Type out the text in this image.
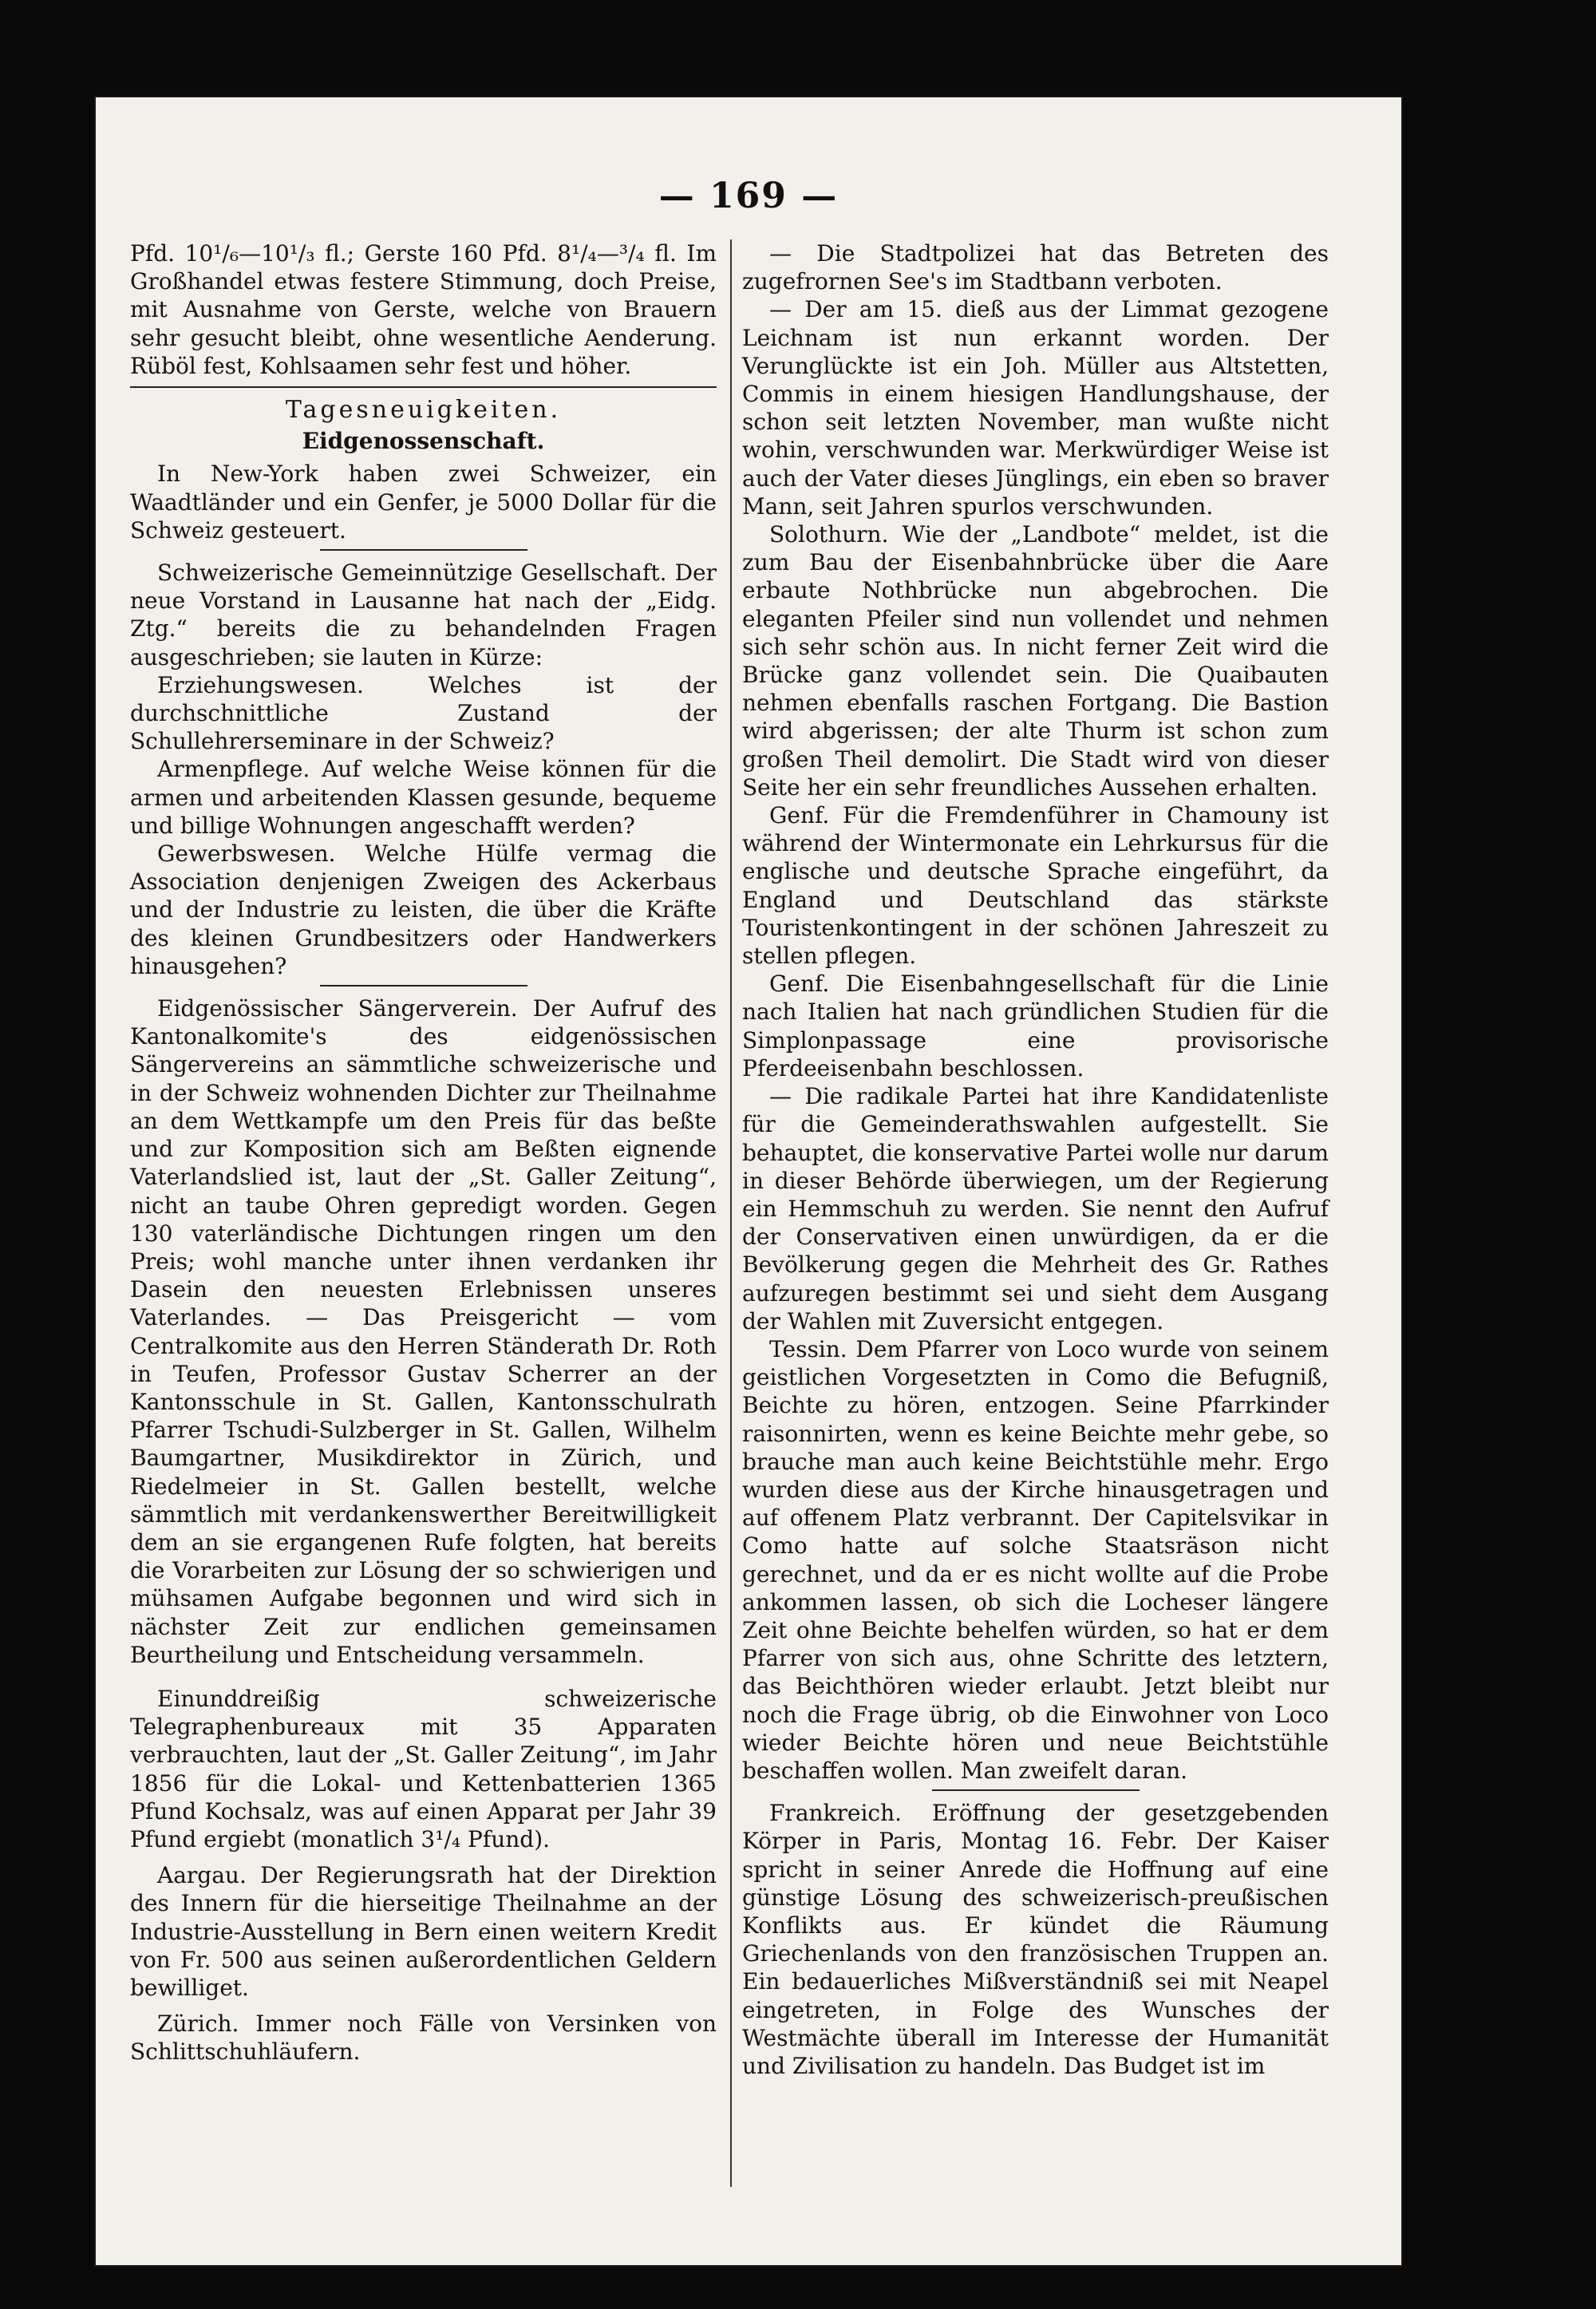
— 169 —

Pfd. 10¹/₆—10¹/₃ fl.; Gerste 160 Pfd. 8¹/₄—³/₄ fl. Im Großhandel etwas festere Stimmung, doch Preise, mit Ausnahme von Gerste, welche von Brauern sehr gesucht bleibt, ohne wesentliche Aenderung. Rüböl fest, Kohlsaamen sehr fest und höher.

Tagesneuigkeiten.
Eidgenossenschaft.

In New-York haben zwei Schweizer, ein Waadtländer und ein Genfer, je 5000 Dollar für die Schweiz gesteuert.

Schweizerische Gemeinnützige Gesellschaft. Der neue Vorstand in Lausanne hat nach der „Eidg. Ztg.“ bereits die zu behandelnden Fragen ausgeschrieben; sie lauten in Kürze:

Erziehungswesen. Welches ist der durchschnittliche Zustand der Schullehrerseminare in der Schweiz?

Armenpflege. Auf welche Weise können für die armen und arbeitenden Klassen gesunde, bequeme und billige Wohnungen angeschafft werden?

Gewerbswesen. Welche Hülfe vermag die Association denjenigen Zweigen des Ackerbaus und der Industrie zu leisten, die über die Kräfte des kleinen Grundbesitzers oder Handwerkers hinausgehen?

Eidgenössischer Sängerverein. Der Aufruf des Kantonalkomite's des eidgenössischen Sängervereins an sämmtliche schweizerische und in der Schweiz wohnenden Dichter zur Theilnahme an dem Wettkampfe um den Preis für das beßte und zur Komposition sich am Beßten eignende Vaterlandslied ist, laut der „St. Galler Zeitung“, nicht an taube Ohren gepredigt worden. Gegen 130 vaterländische Dichtungen ringen um den Preis; wohl manche unter ihnen verdanken ihr Dasein den neuesten Erlebnissen unseres Vaterlandes. — Das Preisgericht — vom Centralkomite aus den Herren Ständerath Dr. Roth in Teufen, Professor Gustav Scherrer an der Kantonsschule in St. Gallen, Kantonsschulrath Pfarrer Tschudi-Sulzberger in St. Gallen, Wilhelm Baumgartner, Musikdirektor in Zürich, und Riedelmeier in St. Gallen bestellt, welche sämmtlich mit verdankenswerther Bereitwilligkeit dem an sie ergangenen Rufe folgten, hat bereits die Vorarbeiten zur Lösung der so schwierigen und mühsamen Aufgabe begonnen und wird sich in nächster Zeit zur endlichen gemeinsamen Beurtheilung und Entscheidung versammeln.

Einunddreißig schweizerische Telegraphenbureaux mit 35 Apparaten verbrauchten, laut der „St. Galler Zeitung“, im Jahr 1856 für die Lokal- und Kettenbatterien 1365 Pfund Kochsalz, was auf einen Apparat per Jahr 39 Pfund ergiebt (monatlich 3¹/₄ Pfund).

Aargau. Der Regierungsrath hat der Direktion des Innern für die hierseitige Theilnahme an der Industrie-Ausstellung in Bern einen weitern Kredit von Fr. 500 aus seinen außerordentlichen Geldern bewilliget.

Zürich. Immer noch Fälle von Versinken von Schlittschuhläufern.

— Die Stadtpolizei hat das Betreten des zugefrornen See's im Stadtbann verboten.

— Der am 15. dieß aus der Limmat gezogene Leichnam ist nun erkannt worden. Der Verunglückte ist ein Joh. Müller aus Altstetten, Commis in einem hiesigen Handlungshause, der schon seit letzten November, man wußte nicht wohin, verschwunden war. Merkwürdiger Weise ist auch der Vater dieses Jünglings, ein eben so braver Mann, seit Jahren spurlos verschwunden.

Solothurn. Wie der „Landbote“ meldet, ist die zum Bau der Eisenbahnbrücke über die Aare erbaute Nothbrücke nun abgebrochen. Die eleganten Pfeiler sind nun vollendet und nehmen sich sehr schön aus. In nicht ferner Zeit wird die Brücke ganz vollendet sein. Die Quaibauten nehmen ebenfalls raschen Fortgang. Die Bastion wird abgerissen; der alte Thurm ist schon zum großen Theil demolirt. Die Stadt wird von dieser Seite her ein sehr freundliches Aussehen erhalten.

Genf. Für die Fremdenführer in Chamouny ist während der Wintermonate ein Lehrkursus für die englische und deutsche Sprache eingeführt, da England und Deutschland das stärkste Touristenkontingent in der schönen Jahreszeit zu stellen pflegen.

Genf. Die Eisenbahngesellschaft für die Linie nach Italien hat nach gründlichen Studien für die Simplonpassage eine provisorische Pferdeeisenbahn beschlossen.

— Die radikale Partei hat ihre Kandidatenliste für die Gemeinderathswahlen aufgestellt. Sie behauptet, die konservative Partei wolle nur darum in dieser Behörde überwiegen, um der Regierung ein Hemmschuh zu werden. Sie nennt den Aufruf der Conservativen einen unwürdigen, da er die Bevölkerung gegen die Mehrheit des Gr. Rathes aufzuregen bestimmt sei und sieht dem Ausgang der Wahlen mit Zuversicht entgegen.

Tessin. Dem Pfarrer von Loco wurde von seinem geistlichen Vorgesetzten in Como die Befugniß, Beichte zu hören, entzogen. Seine Pfarrkinder raisonnirten, wenn es keine Beichte mehr gebe, so brauche man auch keine Beichtstühle mehr. Ergo wurden diese aus der Kirche hinausgetragen und auf offenem Platz verbrannt. Der Capitelsvikar in Como hatte auf solche Staatsräson nicht gerechnet, und da er es nicht wollte auf die Probe ankommen lassen, ob sich die Locheser längere Zeit ohne Beichte behelfen würden, so hat er dem Pfarrer von sich aus, ohne Schritte des letztern, das Beichthören wieder erlaubt. Jetzt bleibt nur noch die Frage übrig, ob die Einwohner von Loco wieder Beichte hören und neue Beichtstühle beschaffen wollen. Man zweifelt daran.

Frankreich. Eröffnung der gesetzgebenden Körper in Paris, Montag 16. Febr. Der Kaiser spricht in seiner Anrede die Hoffnung auf eine günstige Lösung des schweizerisch-preußischen Konflikts aus. Er kündet die Räumung Griechenlands von den französischen Truppen an. Ein bedauerliches Mißverständniß sei mit Neapel eingetreten, in Folge des Wunsches der Westmächte überall im Interesse der Humanität und Zivilisation zu handeln. Das Budget ist im
